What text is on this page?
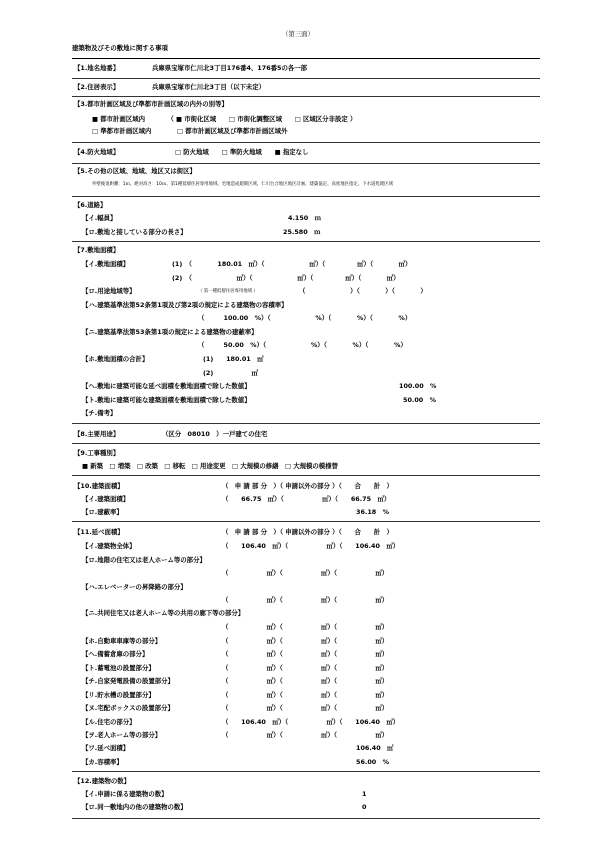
（第三面）
建築物及びその敷地に関する事項
【1.地名地番】	兵庫県宝塚市仁川北3丁目176番4、176番5の各一部
【2.住居表示】	兵庫県宝塚市仁川北3丁目（以下未定）
【3.都市計画区域及び準都市計画区域の内外の別等】
■ 都市計画区域内　　　　（ ■ 市街化区域　　□ 市街化調整区域　　□ 区域区分非設定 ）
□ 準都市計画区域内　　　　□ 都市計画区域及び準都市計画区域外
【4.防火地域】	□ 防火地域　　□ 準防火地域　　■ 指定なし
【5.その他の区域、地域、地区又は街区】
外壁後退距離：1ｍ、絶対高さ：10ｍ、第1種低層住居専用地域、宅地造成規制区域、仁川台合地区地区計画、建築協定、高度地区指定、下水道処理区域
【6.道路】
【イ.幅員】	4.150　ｍ
【ロ.敷地と接している部分の長さ】	25.580　ｍ
【7.敷地面積】
【イ.敷地面積】	(1)　（　　　　180.01　㎡）（　　　　　　　㎡）（　　　　　㎡）（　　　　㎡）
(2)　（　　　　　　　㎡）（　　　　　　　㎡）（　　　　　㎡）（　　　　㎡）
【ロ.用途地域等】	（ 第一種低層住居専用地域 ）	（　　　　　　　）（　　　　）（　　　　）
【ハ.建築基準法第52条第1項及び第2項の規定による建築物の容積率】
（　　　100.00　%）（　　　　　　　%）（　　　　%）（　　　　%）
【ニ.建築基準法第53条第1項の規定による建築物の建蔽率】
（　　　50.00　%）（　　　　　　　%）（　　　　%）（　　　　%）
【ホ.敷地面積の合計】	(1)　　180.01　㎡
(2)　　　　　　㎡
【ヘ.敷地に建築可能な延べ面積を敷地面積で除した数値】	100.00　%
【ト.敷地に建築可能な建築面積を敷地面積で除した数値】	50.00　%
【チ.備考】
【8.主要用途】	（区分　08010　）一戸建ての住宅
【9.工事種別】
■ 新築　□ 増築　□ 改築　□ 移転　□ 用途変更　□ 大規模の修繕　□ 大規模の模様替
【10.建築面積】	（　申 請 部 分　）（ 申請以外の部分 ）（　　合　　計　）
【イ.建築面積】	（　　66.75　㎡）（　　　　　　㎡）（　　66.75　㎡）
【ロ.建蔽率】	36.18　%
【11.延べ面積】	（　申 請 部 分　）（ 申請以外の部分 ）（　　合　　計　）
【イ.建築物全体】	（　　106.40　㎡）（　　　　　　㎡）（　　106.40　㎡）
【ロ.地階の住宅又は老人ホーム等の部分】
（　　　　　　㎡）（　　　　　　㎡）（　　　　　　㎡）
【ハ.エレベーターの昇降路の部分】
（　　　　　　㎡）（　　　　　　㎡）（　　　　　　㎡）
【ニ.共同住宅又は老人ホーム等の共用の廊下等の部分】
（　　　　　　㎡）（　　　　　　㎡）（　　　　　　㎡）
【ホ.自動車車庫等の部分】	（　　　　　　㎡）（　　　　　　㎡）（　　　　　　㎡）
【ヘ.備蓄倉庫の部分】	（　　　　　　㎡）（　　　　　　㎡）（　　　　　　㎡）
【ト.蓄電池の設置部分】	（　　　　　　㎡）（　　　　　　㎡）（　　　　　　㎡）
【チ.自家発電設備の設置部分】	（　　　　　　㎡）（　　　　　　㎡）（　　　　　　㎡）
【リ.貯水槽の設置部分】	（　　　　　　㎡）（　　　　　　㎡）（　　　　　　㎡）
【ヌ.宅配ボックスの設置部分】	（　　　　　　㎡）（　　　　　　㎡）（　　　　　　㎡）
【ル.住宅の部分】	（　　106.40　㎡）（　　　　　　㎡）（　　106.40　㎡）
【ヲ.老人ホーム等の部分】	（　　　　　　㎡）（　　　　　　㎡）（　　　　　　㎡）
【ワ.延べ面積】	106.40　㎡
【カ.容積率】	56.00　%
【12.建築物の数】
【イ.申請に係る建築物の数】	1
【ロ.同一敷地内の他の建築物の数】	0
